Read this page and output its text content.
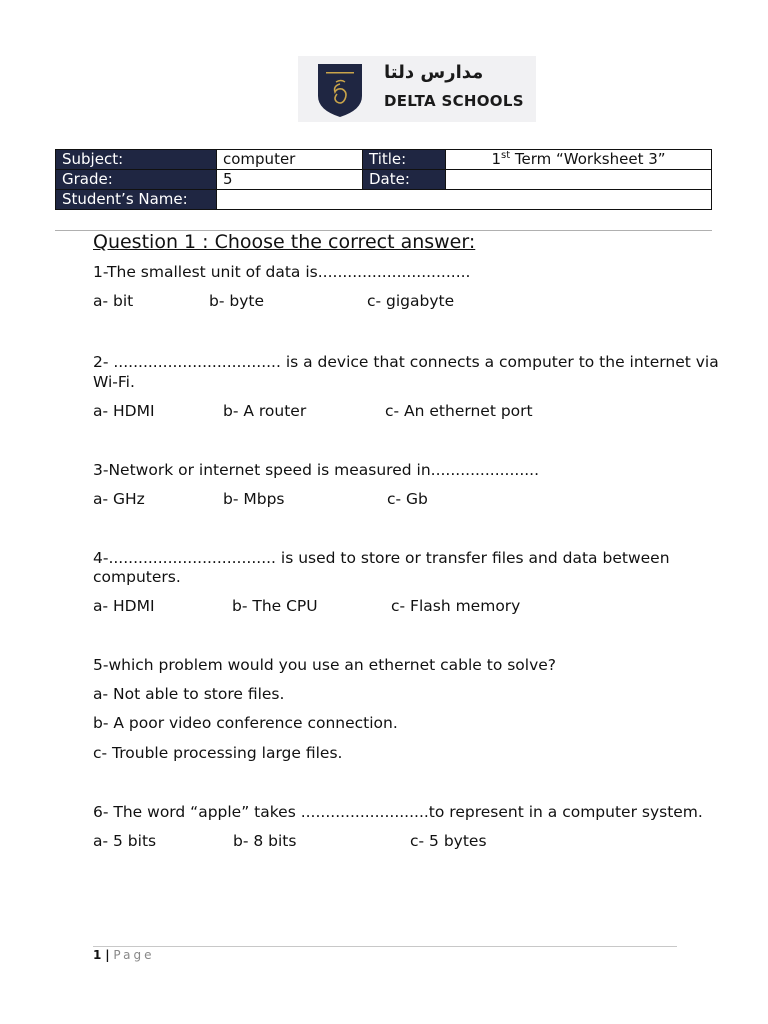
مدارس دلتا
DELTA SCHOOLS
Subject:	computer	Title:	1st Term “Worksheet 3”
Grade:	5	Date:	
Student’s Name:			
Question 1 : Choose the correct answer:
1-The smallest unit of data is...............................
a- bit	b- byte	c- gigabyte
2- .................................. is a device that connects a computer to the internet via
Wi-Fi.
a- HDMI	b- A router	c- An ethernet port
3-Network or internet speed is measured in......................
a- GHz	b- Mbps	c- Gb
4-.................................. is used to store or transfer files and data between
computers.
a- HDMI	b- The CPU	c- Flash memory
5-which problem would you use an ethernet cable to solve?
a- Not able to store files.
b- A poor video conference connection.
c- Trouble processing large files.
6- The word “apple” takes ..........................to represent in a computer system.
a- 5 bits	b- 8 bits	c- 5 bytes
1 | Page
